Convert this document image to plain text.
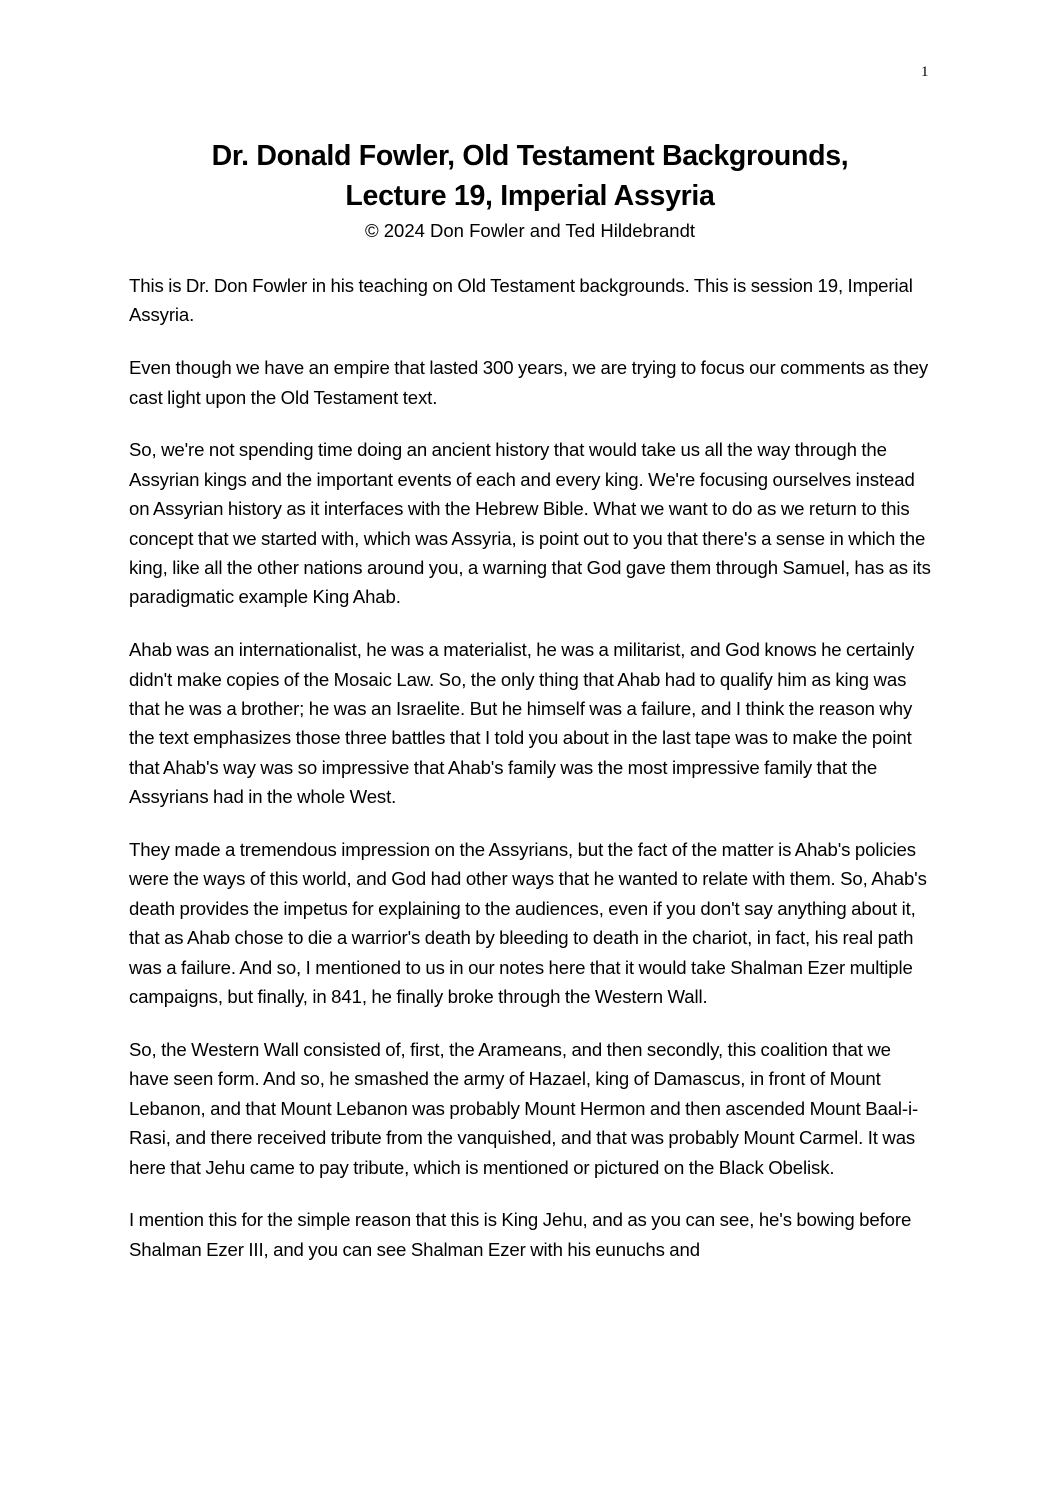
1
Dr. Donald Fowler, Old Testament Backgrounds,
Lecture 19, Imperial Assyria
© 2024 Don Fowler and Ted Hildebrandt

This is Dr. Don Fowler in his teaching on Old Testament backgrounds. This is session 19, Imperial Assyria.

Even though we have an empire that lasted 300 years, we are trying to focus our comments as they cast light upon the Old Testament text.

So, we're not spending time doing an ancient history that would take us all the way through the Assyrian kings and the important events of each and every king. We're focusing ourselves instead on Assyrian history as it interfaces with the Hebrew Bible. What we want to do as we return to this concept that we started with, which was Assyria, is point out to you that there's a sense in which the king, like all the other nations around you, a warning that God gave them through Samuel, has as its paradigmatic example King Ahab.

Ahab was an internationalist, he was a materialist, he was a militarist, and God knows he certainly didn't make copies of the Mosaic Law. So, the only thing that Ahab had to qualify him as king was that he was a brother; he was an Israelite. But he himself was a failure, and I think the reason why the text emphasizes those three battles that I told you about in the last tape was to make the point that Ahab's way was so impressive that Ahab's family was the most impressive family that the Assyrians had in the whole West.

They made a tremendous impression on the Assyrians, but the fact of the matter is Ahab's policies were the ways of this world, and God had other ways that he wanted to relate with them. So, Ahab's death provides the impetus for explaining to the audiences, even if you don't say anything about it, that as Ahab chose to die a warrior's death by bleeding to death in the chariot, in fact, his real path was a failure. And so, I mentioned to us in our notes here that it would take Shalman Ezer multiple campaigns, but finally, in 841, he finally broke through the Western Wall.

So, the Western Wall consisted of, first, the Arameans, and then secondly, this coalition that we have seen form. And so, he smashed the army of Hazael, king of Damascus, in front of Mount Lebanon, and that Mount Lebanon was probably Mount Hermon and then ascended Mount Baal-i-Rasi, and there received tribute from the vanquished, and that was probably Mount Carmel. It was here that Jehu came to pay tribute, which is mentioned or pictured on the Black Obelisk.

I mention this for the simple reason that this is King Jehu, and as you can see, he's bowing before Shalman Ezer III, and you can see Shalman Ezer with his eunuchs and
